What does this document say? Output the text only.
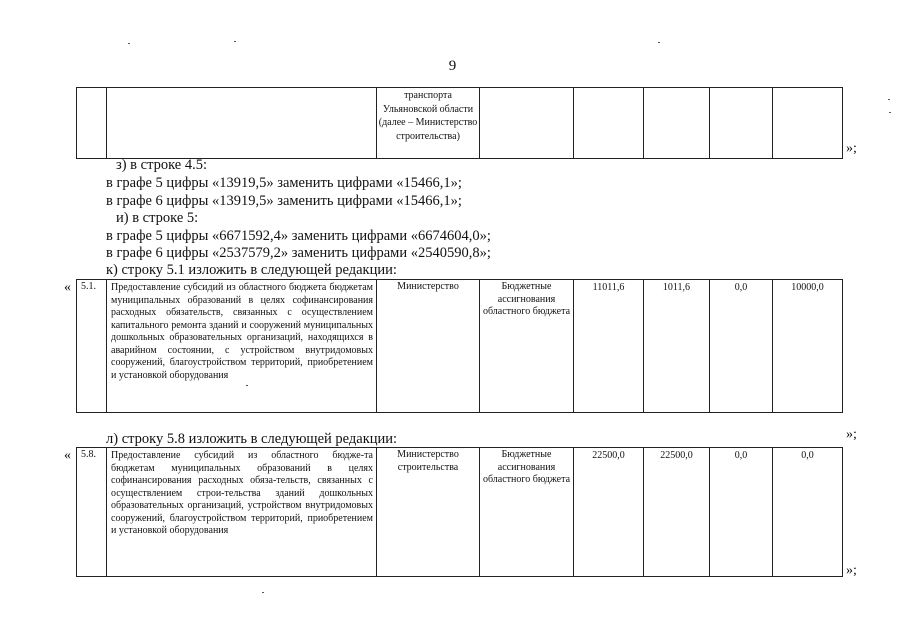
9
		транспорта Ульяновской области (далее – Министерство строительства)					
»;
з) в строке 4.5:
в графе 5 цифры «13919,5» заменить цифрами «15466,1»;
в графе 6 цифры «13919,5» заменить цифрами «15466,1»;
и) в строке 5:
в графе 5 цифры «6671592,4» заменить цифрами «6674604,0»;
в графе 6 цифры «2537579,2» заменить цифрами «2540590,8»;
к) строку 5.1 изложить в следующей редакции:
« 5.1.	Предоставление субсидий из областного бюджета бюджетам муниципальных образований в целях софинансирования расходных обязательств, связанных с осуществлением капитального ремонта зданий и сооружений муниципальных дошкольных образовательных организаций, находящихся в аварийном состоянии, с устройством внутридомовых сооружений, благоустройством территорий, приобретением и установкой оборудования	Министерство	Бюджетные ассигнования областного бюджета	11011,6	1011,6	0,0	10000,0
»;
л) строку 5.8 изложить в следующей редакции:
« 5.8.	Предоставление субсидий из областного бюдже-та бюджетам муниципальных образований в целях софинансирования расходных обяза-тельств, связанных с осуществлением строи-тельства зданий дошкольных образовательных организаций, устройством внутридомовых сооружений, благоустройством территорий, приобретением и установкой оборудования	Министерство строительства	Бюджетные ассигнования областного бюджета	22500,0	22500,0	0,0	0,0
»;
